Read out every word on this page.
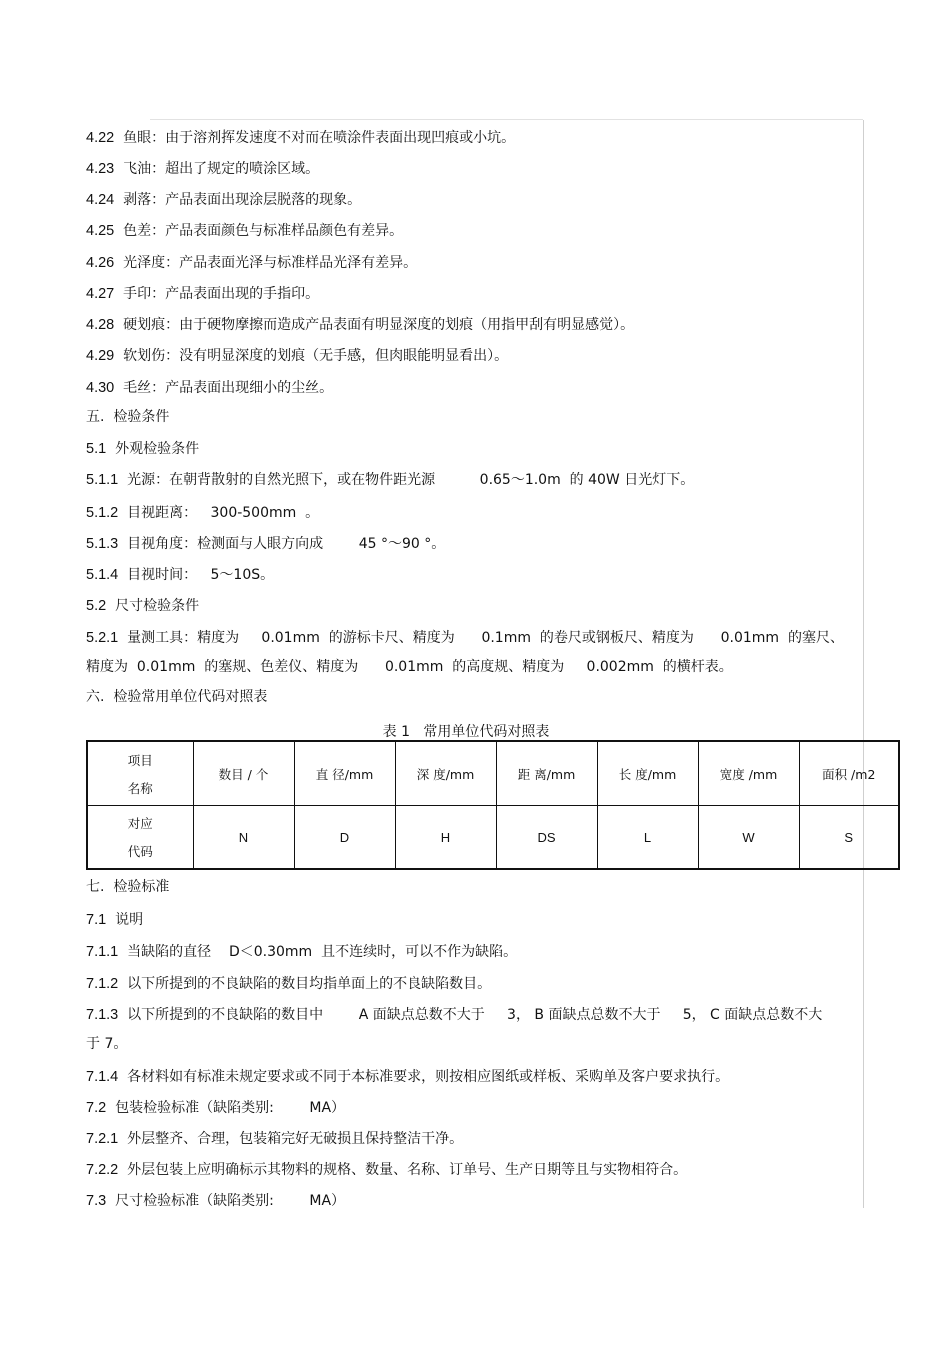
4.22 鱼眼：由于溶剂挥发速度不对而在喷涂件表面出现凹痕或小坑。
4.23 飞油：超出了规定的喷涂区域。
4.24 剥落：产品表面出现涂层脱落的现象。
4.25 色差：产品表面颜色与标准样品颜色有差异。
4.26 光泽度：产品表面光泽与标准样品光泽有差异。
4.27 手印：产品表面出现的手指印。
4.28 硬划痕：由于硬物摩擦而造成产品表面有明显深度的划痕（用指甲刮有明显感觉）。
4.29 软划伤：没有明显深度的划痕（无手感，但肉眼能明显看出）。
4.30 毛丝：产品表面出现细小的尘丝。
五. 检验条件
5.1 外观检验条件
5.1.1 光源：在朝背散射的自然光照下，或在物件距光源          0.65～1.0m  的 40W 日光灯下。
5.1.2 目视距离：   300-500mm  。
5.1.3 目视角度：检测面与人眼方向成        45 °～90 °。
5.1.4 目视时间：   5～10S。
5.2 尺寸检验条件
5.2.1 量测工具：精度为     0.01mm  的游标卡尺、精度为      0.1mm  的卷尺或钢板尺、精度为      0.01mm  的塞尺、
精度为  0.01mm  的塞规、色差仪、精度为      0.01mm  的高度规、精度为     0.002mm  的横杆表。
六. 检验常用单位代码对照表
表 1   常用单位代码对照表
项目
名称	数目 / 个	直 径/mm	深 度/mm	距 离/mm	长 度/mm	宽度 /mm	面积 /m2

对应
代码	N	D	H	DS	L	W	S
七. 检验标准
7.1 说明
7.1.1 当缺陷的直径    D＜0.30mm  且不连续时，可以不作为缺陷。
7.1.2 以下所提到的不良缺陷的数目均指单面上的不良缺陷数目。
7.1.3 以下所提到的不良缺陷的数目中        A 面缺点总数不大于     3， B 面缺点总数不大于     5， C 面缺点总数不大
于 7。
7.1.4 各材料如有标准未规定要求或不同于本标准要求，则按相应图纸或样板、采购单及客户要求执行。
7.2 包装检验标准（缺陷类别:        MA）
7.2.1 外层整齐、合理，包装箱完好无破损且保持整洁干净。
7.2.2 外层包装上应明确标示其物料的规格、数量、名称、订单号、生产日期等且与实物相符合。
7.3 尺寸检验标准（缺陷类别:        MA）
